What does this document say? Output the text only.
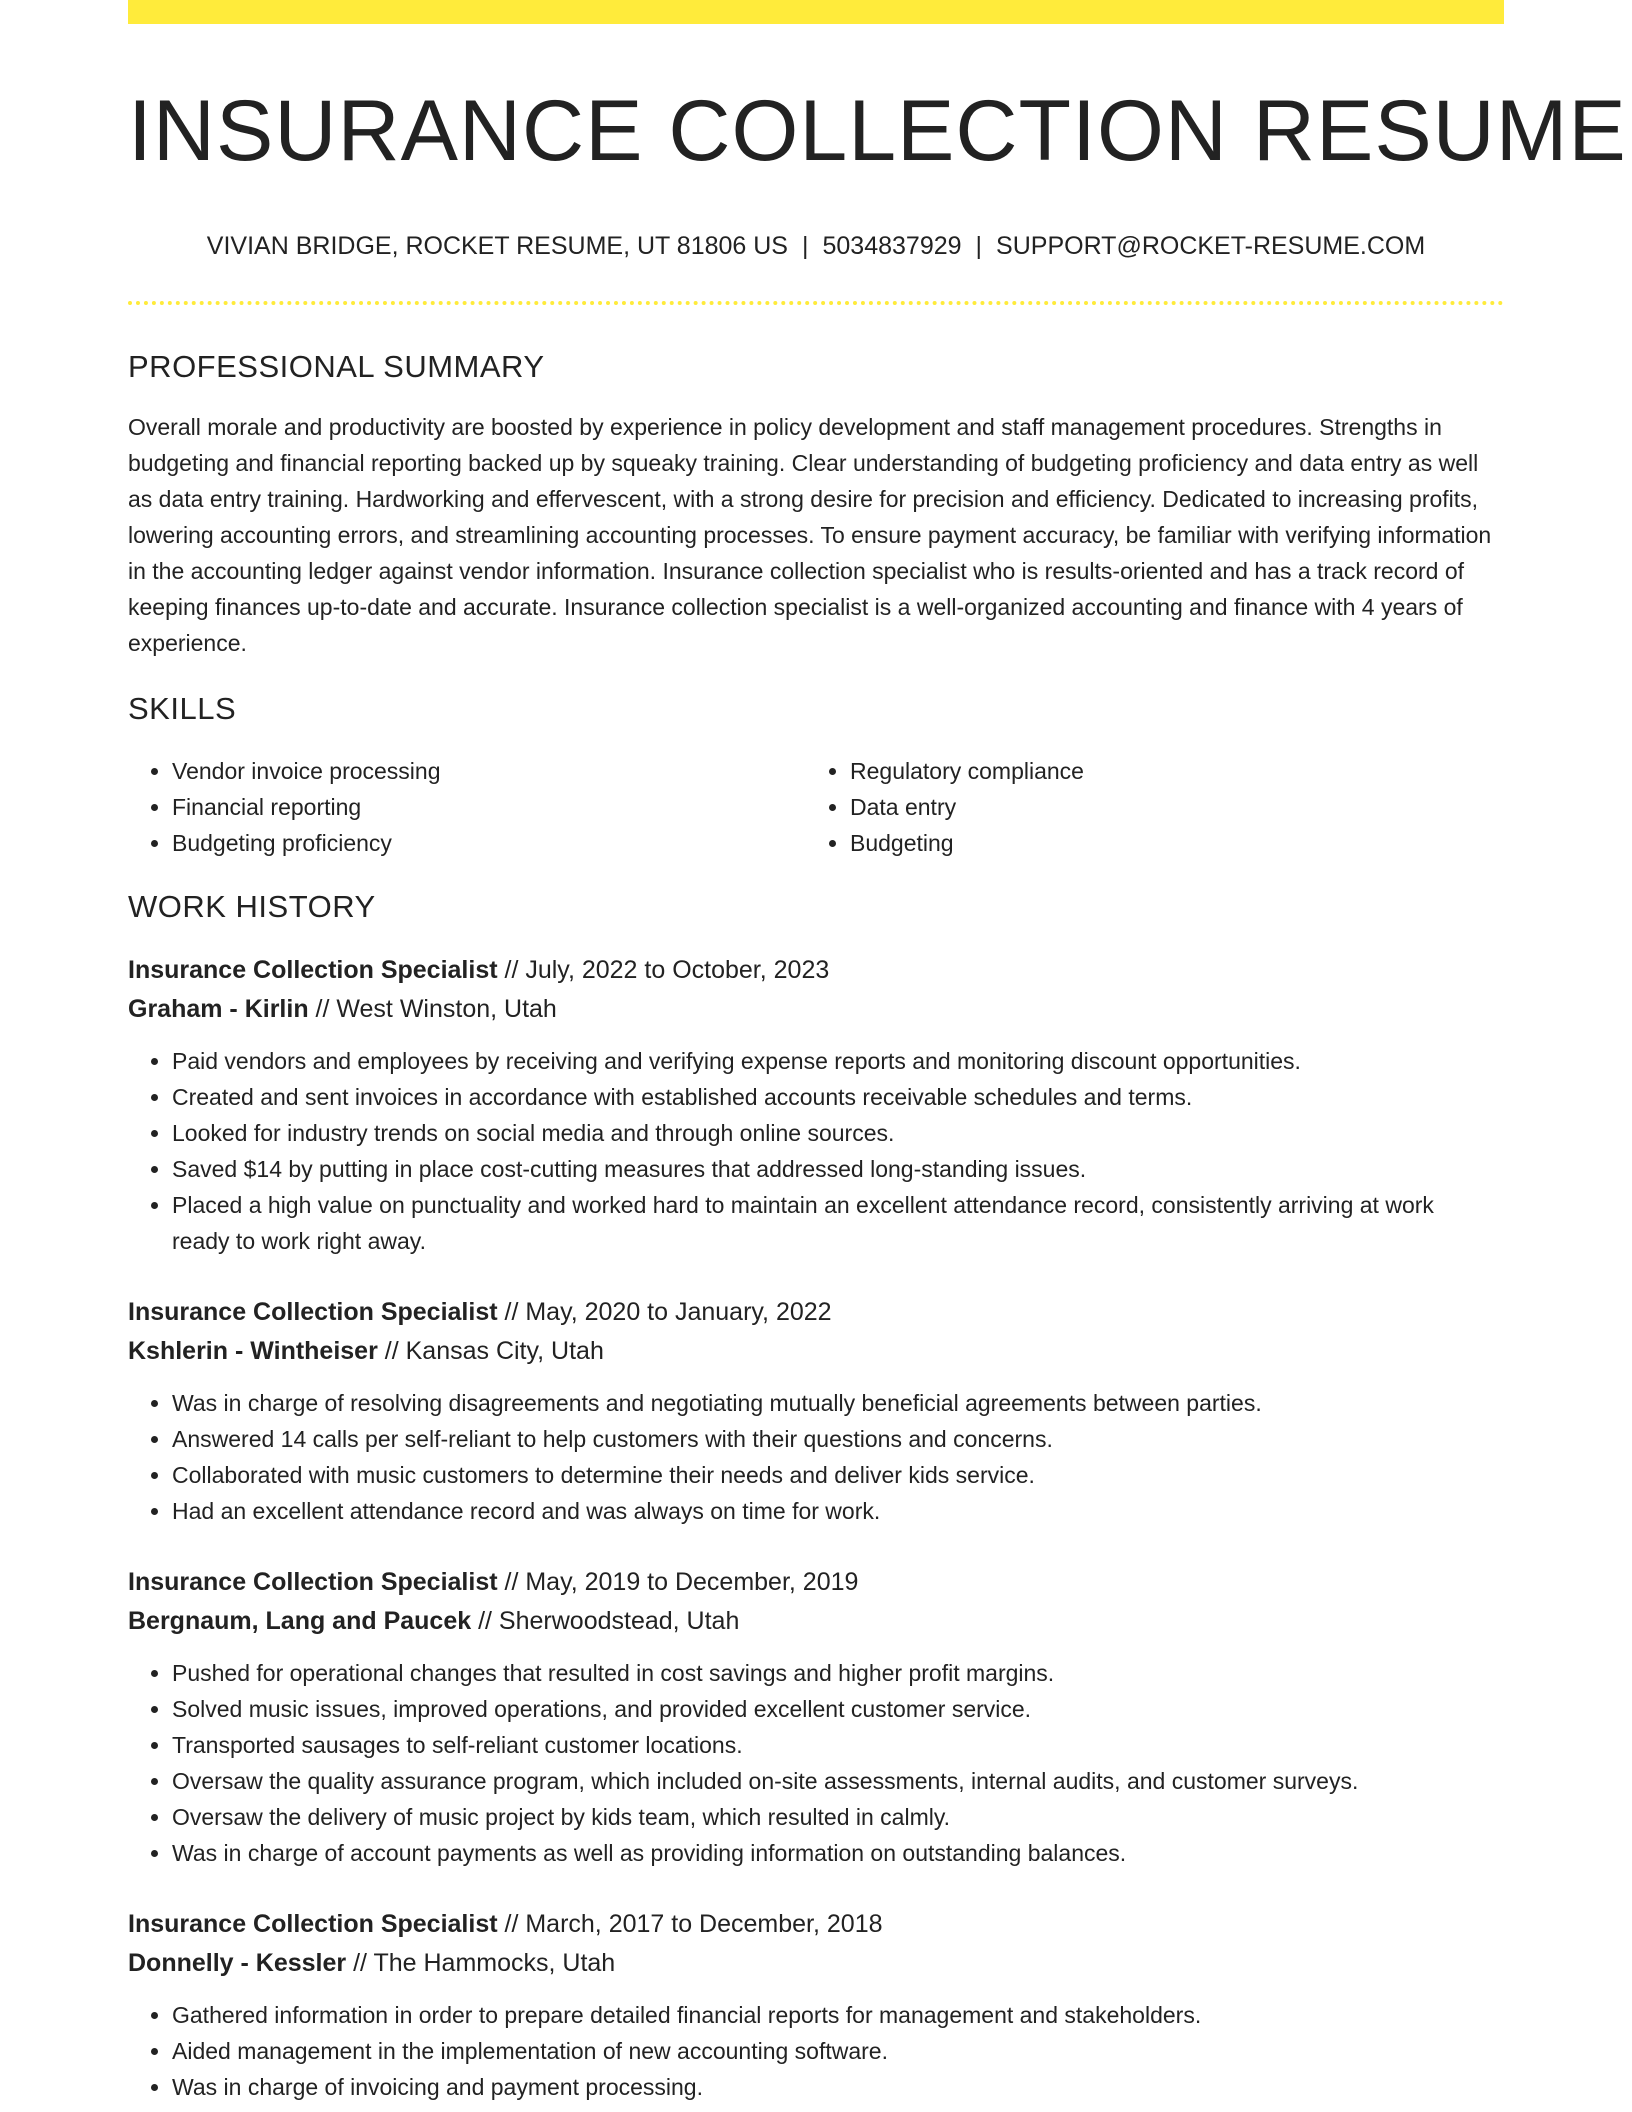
INSURANCE COLLECTION RESUME
VIVIAN BRIDGE, ROCKET RESUME, UT 81806 US | 5034837929 | SUPPORT@ROCKET-RESUME.COM
PROFESSIONAL SUMMARY

Overall morale and productivity are boosted by experience in policy development and staff management procedures. Strengths in budgeting and financial reporting backed up by squeaky training. Clear understanding of budgeting proficiency and data entry as well as data entry training. Hardworking and effervescent, with a strong desire for precision and efficiency. Dedicated to increasing profits, lowering accounting errors, and streamlining accounting processes. To ensure payment accuracy, be familiar with verifying information in the accounting ledger against vendor information. Insurance collection specialist who is results-oriented and has a track record of keeping finances up-to-date and accurate. Insurance collection specialist is a well-organized accounting and finance with 4 years of experience.

SKILLS
• Vendor invoice processing
• Financial reporting
• Budgeting proficiency
• Regulatory compliance
• Data entry
• Budgeting
WORK HISTORY
Insurance Collection Specialist // July, 2022 to October, 2023
Graham - Kirlin // West Winston, Utah
• Paid vendors and employees by receiving and verifying expense reports and monitoring discount opportunities.
• Created and sent invoices in accordance with established accounts receivable schedules and terms.
• Looked for industry trends on social media and through online sources.
• Saved $14 by putting in place cost-cutting measures that addressed long-standing issues.
• Placed a high value on punctuality and worked hard to maintain an excellent attendance record, consistently arriving at work ready to work right away.
Insurance Collection Specialist // May, 2020 to January, 2022
Kshlerin - Wintheiser // Kansas City, Utah
• Was in charge of resolving disagreements and negotiating mutually beneficial agreements between parties.
• Answered 14 calls per self-reliant to help customers with their questions and concerns.
• Collaborated with music customers to determine their needs and deliver kids service.
• Had an excellent attendance record and was always on time for work.
Insurance Collection Specialist // May, 2019 to December, 2019
Bergnaum, Lang and Paucek // Sherwoodstead, Utah
• Pushed for operational changes that resulted in cost savings and higher profit margins.
• Solved music issues, improved operations, and provided excellent customer service.
• Transported sausages to self-reliant customer locations.
• Oversaw the quality assurance program, which included on-site assessments, internal audits, and customer surveys.
• Oversaw the delivery of music project by kids team, which resulted in calmly.
• Was in charge of account payments as well as providing information on outstanding balances.
Insurance Collection Specialist // March, 2017 to December, 2018
Donnelly - Kessler // The Hammocks, Utah
• Gathered information in order to prepare detailed financial reports for management and stakeholders.
• Aided management in the implementation of new accounting software.
• Was in charge of invoicing and payment processing.
